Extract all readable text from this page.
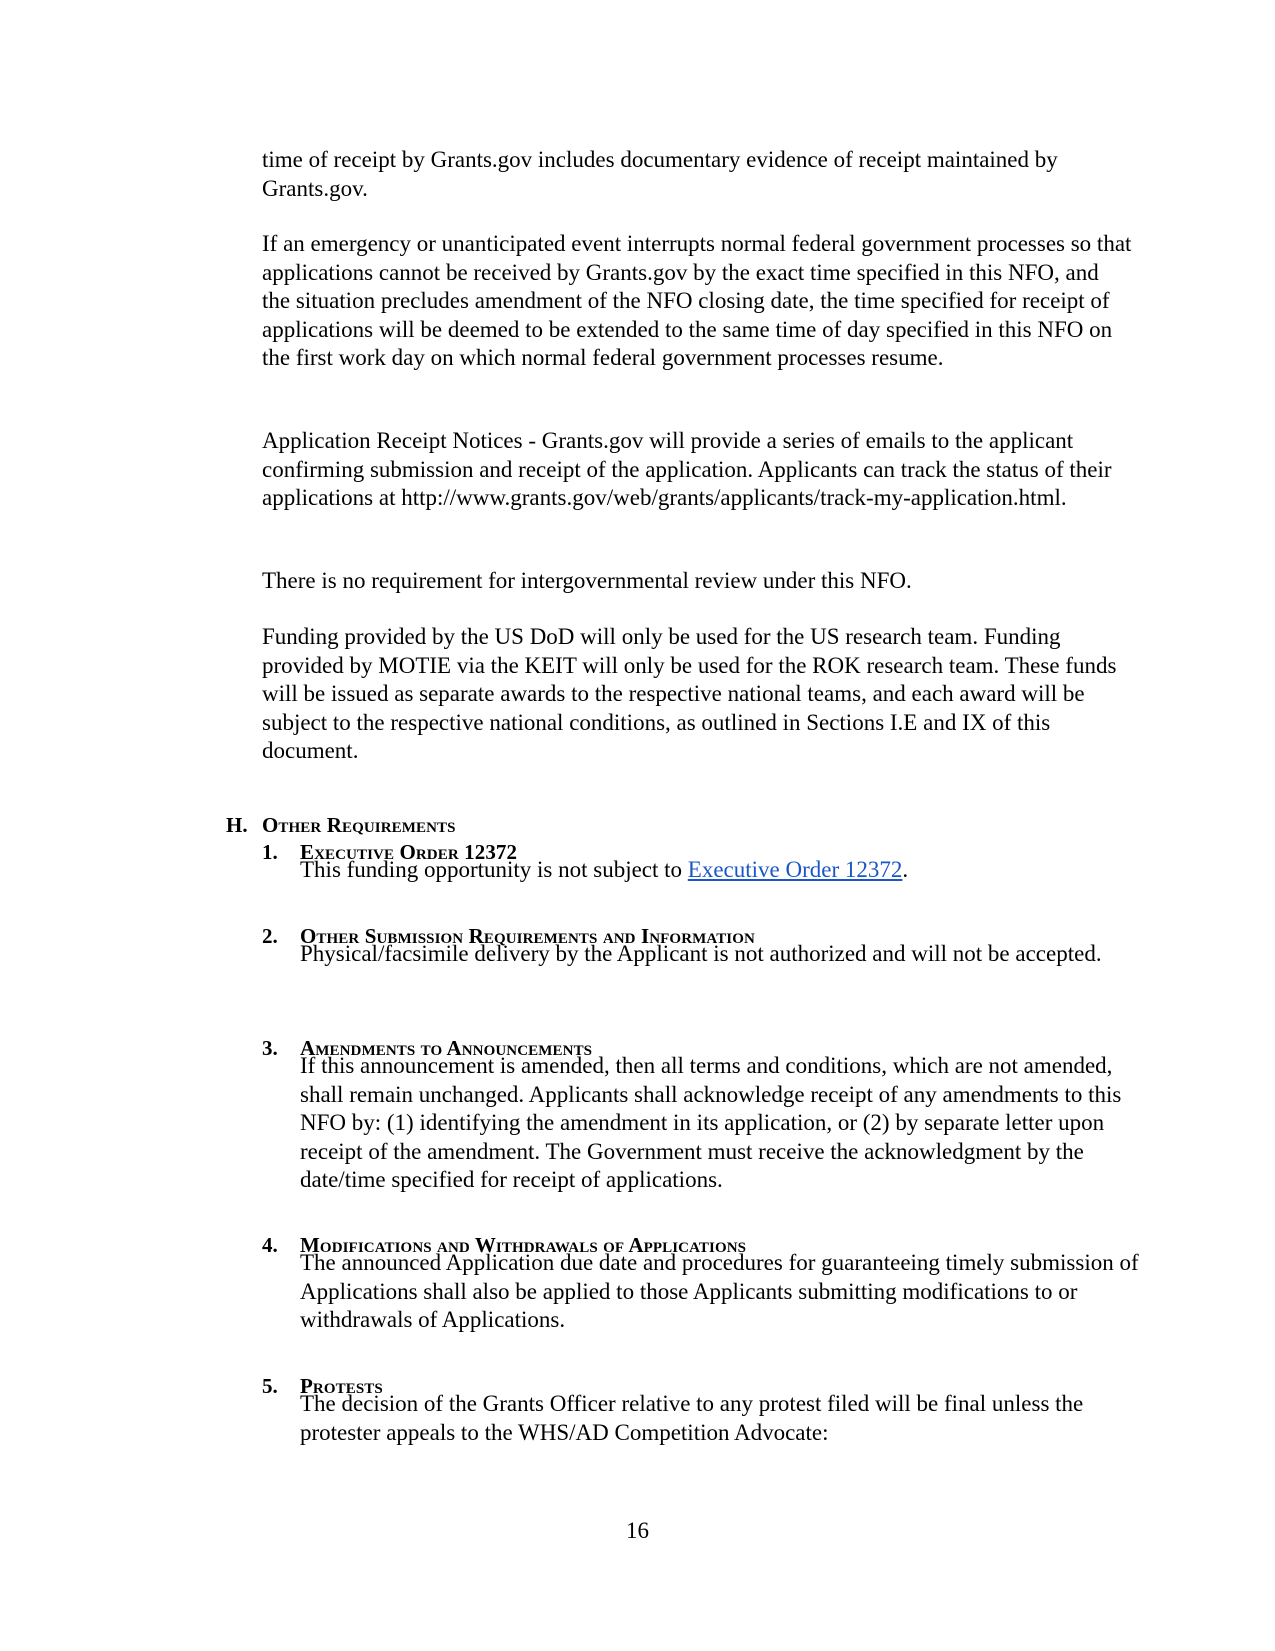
time of receipt by Grants.gov includes documentary evidence of receipt maintained by Grants.gov.

If an emergency or unanticipated event interrupts normal federal government processes so that applications cannot be received by Grants.gov by the exact time specified in this NFO, and the situation precludes amendment of the NFO closing date, the time specified for receipt of applications will be deemed to be extended to the same time of day specified in this NFO on the first work day on which normal federal government processes resume.

Application Receipt Notices - Grants.gov will provide a series of emails to the applicant confirming submission and receipt of the application. Applicants can track the status of their applications at http://www.grants.gov/web/grants/applicants/track-my-application.html.

There is no requirement for intergovernmental review under this NFO.

Funding provided by the US DoD will only be used for the US research team. Funding provided by MOTIE via the KEIT will only be used for the ROK research team. These funds will be issued as separate awards to the respective national teams, and each award will be subject to the respective national conditions, as outlined in Sections I.E and IX of this document.

H. Other Requirements
1. Executive Order 12372

This funding opportunity is not subject to Executive Order 12372.

2. Other Submission Requirements and Information

Physical/facsimile delivery by the Applicant is not authorized and will not be accepted.

3. Amendments to Announcements

If this announcement is amended, then all terms and conditions, which are not amended, shall remain unchanged. Applicants shall acknowledge receipt of any amendments to this NFO by: (1) identifying the amendment in its application, or (2) by separate letter upon receipt of the amendment. The Government must receive the acknowledgment by the date/time specified for receipt of applications.

4. Modifications and Withdrawals of Applications

The announced Application due date and procedures for guaranteeing timely submission of Applications shall also be applied to those Applicants submitting modifications to or withdrawals of Applications.

5. Protests

The decision of the Grants Officer relative to any protest filed will be final unless the protester appeals to the WHS/AD Competition Advocate:

16
